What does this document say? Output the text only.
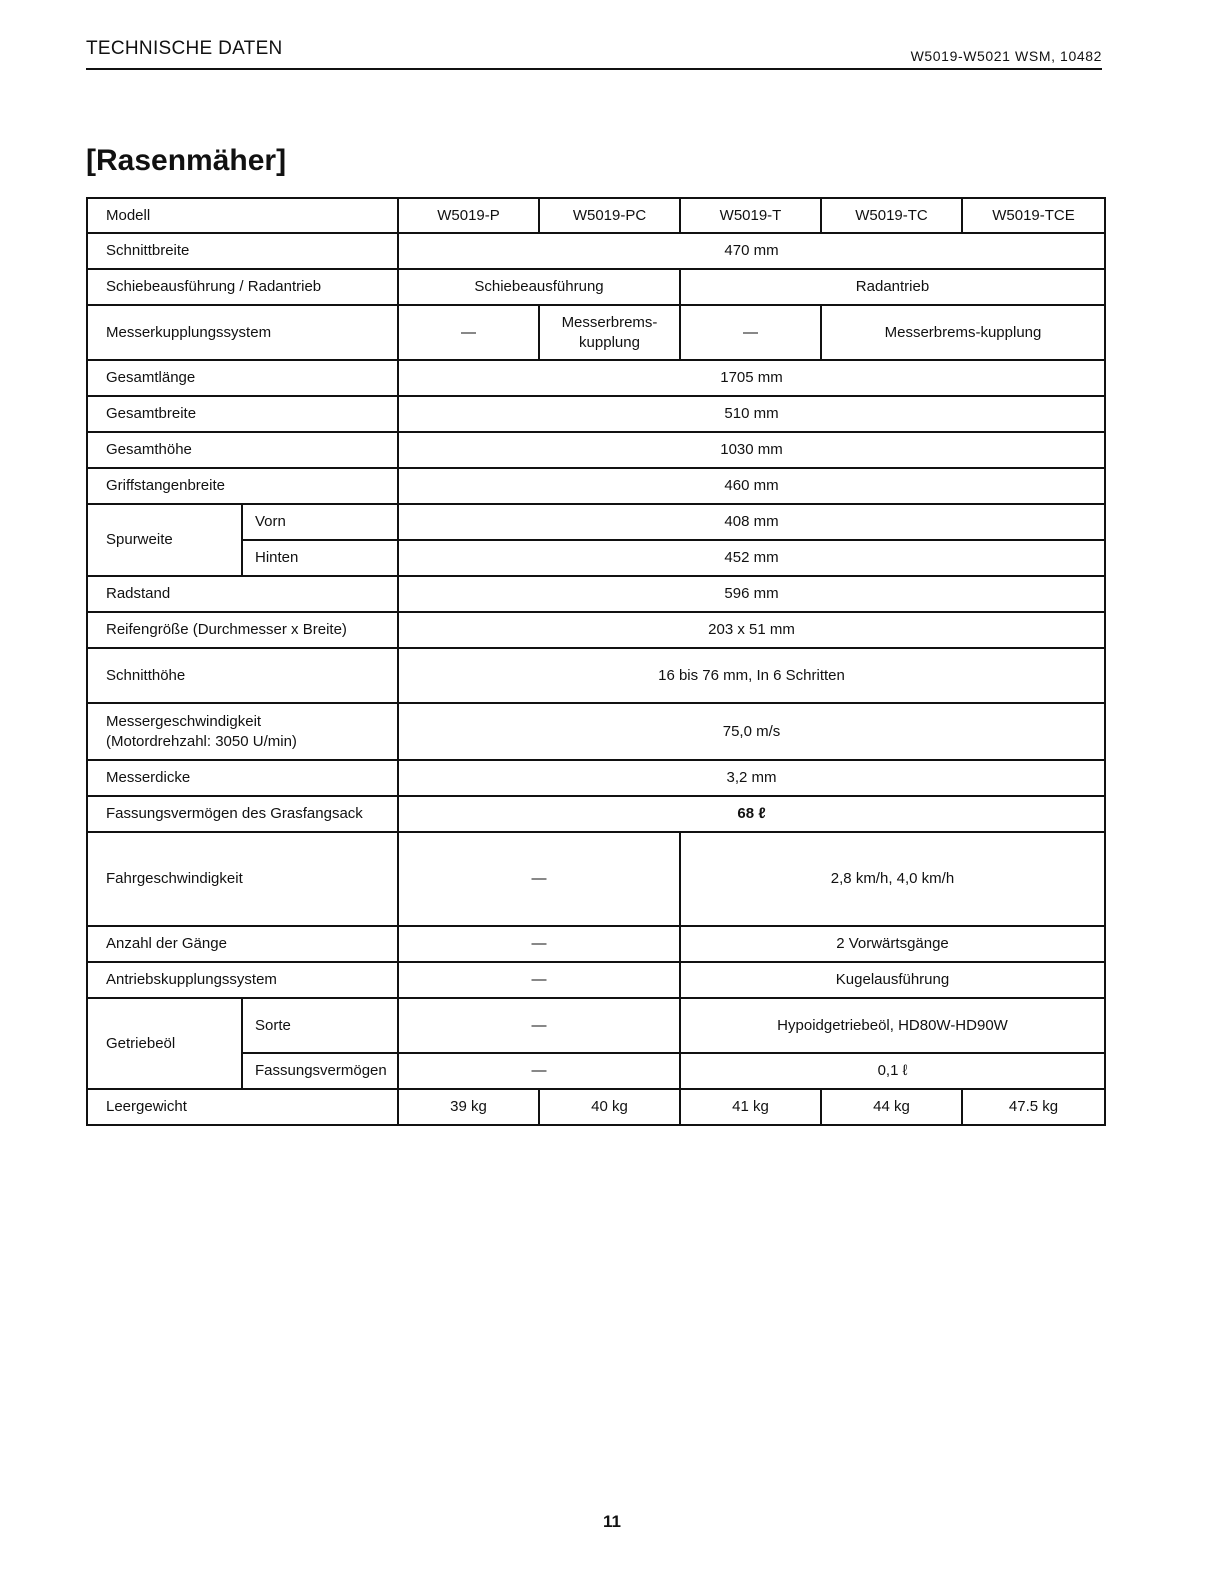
TECHNISCHE DATEN	W5019-W5021 WSM, 10482
[Rasenmäher]
Modell		W5019-P	W5019-PC	W5019-T	W5019-TC	W5019-TCE
Schnittbreite		470 mm				
Schiebeausführung / Radantrieb		Schiebeausführung		Radantrieb		
Messerkupplungssystem		—	Messerbrems-kupplung	—	Messerbrems-kupplung	
Gesamtlänge		1705 mm				
Gesamtbreite		510 mm				
Gesamthöhe		1030 mm				
Griffstangenbreite		460 mm				
Spurweite	Vorn	408 mm				
	Hinten	452 mm				
Radstand		596 mm				
Reifengröße (Durchmesser x Breite)		203 x 51 mm				
Schnitthöhe		16 bis 76 mm, In 6 Schritten				

Messergeschwindigkeit
(Motordrehzahl: 3050 U/min)		75,0 m/s				
Messerdicke		3,2 mm				
Fassungsvermögen des Grasfangsack		68 ℓ				
Fahrgeschwindigkeit		—		2,8 km/h, 4,0 km/h		
Anzahl der Gänge		—		2 Vorwärtsgänge		
Antriebskupplungssystem		—		Kugelausführung		
Getriebeöl	Sorte	—		Hypoidgetriebeöl, HD80W-HD90W		
	Fassungsvermögen	—		0,1 ℓ		
Leergewicht		39 kg	40 kg	41 kg	44 kg	47.5 kg
11
